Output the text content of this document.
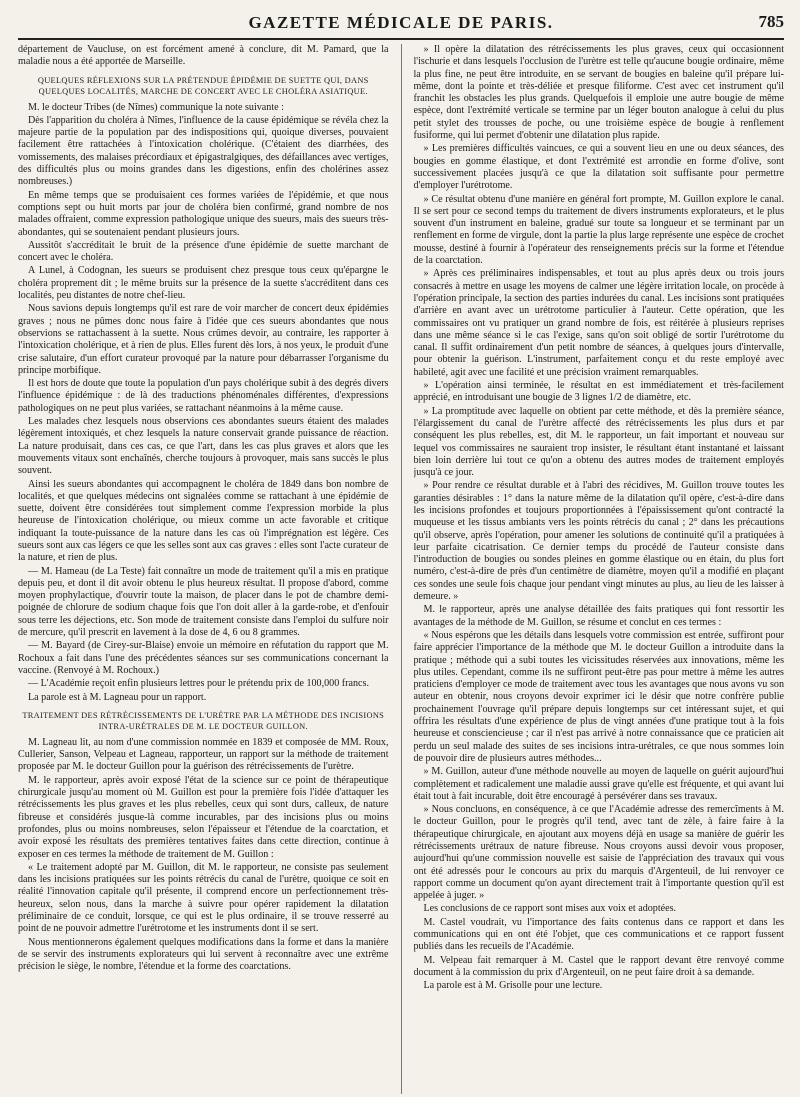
GAZETTE MÉDICALE DE PARIS.	785

département de Vaucluse, on est forcément amené à conclure, dit M. Pamard, que la maladie nous a été apportée de Marseille.

QUELQUES RÉFLEXIONS SUR LA PRÉTENDUE ÉPIDÉMIE DE SUETTE QUI, DANS QUELQUES LOCALITÉS, MARCHE DE CONCERT AVEC LE CHOLÉRA ASIATIQUE.

M. le docteur Tribes (de Nîmes) communique la note suivante :

Dès l'apparition du choléra à Nîmes, l'influence de la cause épidémique se révéla chez la majeure partie de la population par des indispositions qui, quoique diverses, pouvaient facilement être rattachées à l'intoxication cholérique. (C'étaient des diarrhées, des vomissements, des malaises précordiaux et épigastralgiques, des défaillances avec vertiges, des difficultés plus ou moins grandes dans les digestions, enfin des cholérines assez nombreuses.)

En même temps que se produisaient ces formes variées de l'épidémie, et que nous comptions sept ou huit morts par jour de choléra bien confirmé, grand nombre de nos malades offraient, comme expression pathologique unique des sueurs, mais des sueurs très-abondantes, qui se soutenaient pendant plusieurs jours.

Aussitôt s'accréditait le bruit de la présence d'une épidémie de suette marchant de concert avec le choléra.

A Lunel, à Codognan, les sueurs se produisent chez presque tous ceux qu'épargne le choléra proprement dit ; le même bruits sur la présence de la suette s'accréditent dans ces localités, peu distantes de notre chef-lieu.

Nous savions depuis longtemps qu'il est rare de voir marcher de concert deux épidémies graves ; nous ne pûmes donc nous faire à l'idée que ces sueurs abondantes que nous observions se rattachassent à la suette. Nous crûmes devoir, au contraire, les rapporter à l'intoxication cholérique, et à rien de plus. Elles furent dès lors, à nos yeux, le produit d'une crise salutaire, d'un effort curateur provoqué par la nature pour débarrasser l'organisme du principe morbifique.

Il est hors de doute que toute la population d'un pays cholérique subit à des degrés divers l'influence épidémique : de là des traductions phénoménales différentes, d'expressions pathologiques on ne peut plus variées, se rattachant néanmoins à la même cause.

Les malades chez lesquels nous observions ces abondantes sueurs étaient des malades légèrement intoxiqués, et chez lesquels la nature conservait grande puissance de réaction. La nature produisait, dans ces cas, ce que l'art, dans les cas plus graves et alors que les mouvements vitaux sont enchaînés, cherche toujours à provoquer, mais sans succès le plus souvent.

Ainsi les sueurs abondantes qui accompagnent le choléra de 1849 dans bon nombre de localités, et que quelques médecins ont signalées comme se rattachant à une épidémie de suette, doivent être considérées tout simplement comme l'expression morbide la plus heureuse de l'intoxication cholérique, ou mieux comme un acte favorable et critique indiquant la toute-puissance de la nature dans les cas où l'imprégnation est légère. Ces sueurs sont aux cas légers ce que les selles sont aux cas graves : elles sont l'acte curateur de la nature, et rien de plus.

— M. Hameau (de La Teste) fait connaître un mode de traitement qu'il a mis en pratique depuis peu, et dont il dit avoir obtenu le plus heureux résultat. Il propose d'abord, comme moyen prophylactique, d'ouvrir toute la maison, de placer dans le pot de chambre demi-poignée de chlorure de sodium chaque fois que l'on doit aller à la garde-robe, et d'enfouir sous terre les déjections, etc. Son mode de traitement consiste dans l'emploi du sulfure noir de mercure, qu'il prescrit en lavement à la dose de 4, 6 ou 8 grammes.

— M. Bayard (de Cirey-sur-Blaise) envoie un mémoire en réfutation du rapport que M. Rochoux a fait dans l'une des précédentes séances sur ses communications concernant la vaccine. (Renvoyé à M. Rochoux.)

— L'Académie reçoit enfin plusieurs lettres pour le prétendu prix de 100,000 francs.

La parole est à M. Lagneau pour un rapport.

TRAITEMENT DES RÉTRÉCISSEMENTS DE L'URÈTRE PAR LA MÉTHODE DES INCISIONS INTRA-URÉTRALES DE M. LE DOCTEUR GUILLON.

M. Lagneau lit, au nom d'une commission nommée en 1839 et composée de MM. Roux, Cullerier, Sanson, Velpeau et Lagneau, rapporteur, un rapport sur la méthode de traitement proposée par M. le docteur Guillon pour la guérison des rétrécissements de l'urètre.

M. le rapporteur, après avoir exposé l'état de la science sur ce point de thérapeutique chirurgicale jusqu'au moment où M. Guillon est pour la première fois l'idée d'attaquer les rétrécissements les plus graves et les plus rebelles, ceux qui sont durs, calleux, de nature fibreuse et considérés jusque-là comme incurables, par des incisions plus ou moins profondes, plus ou moins nombreuses, selon l'épaisseur et l'étendue de la coarctation, et avoir exposé les résultats des premières tentatives faites dans cette direction, continue à exposer en ces termes la méthode de traitement de M. Guillon :

« Le traitement adopté par M. Guillon, dit M. le rapporteur, ne consiste pas seulement dans les incisions pratiquées sur les points rétrécis du canal de l'urètre, quoique ce soit en réalité l'innovation capitale qu'il présente, il comprend encore un perfectionnement très-heureux, selon nous, dans la marche à suivre pour opérer rapidement la dilatation préliminaire de ce conduit, lorsque, ce qui est le plus ordinaire, il se trouve resserré au point de ne pouvoir admettre l'urétrotome et les instruments dont il se sert.

Nous mentionnerons également quelques modifications dans la forme et dans la manière de se servir des instruments explorateurs qui lui servent à reconnaître avec une extrême précision le siège, le nombre, l'étendue et la forme des coarctations.

» Il opère la dilatation des rétrécissements les plus graves, ceux qui occasionnent l'ischurie et dans lesquels l'occlusion de l'urètre est telle qu'aucune bougie ordinaire, même la plus fine, ne peut être introduite, en se servant de bougies en baleine qu'il prépare lui-même, dont la pointe et très-déliée et presque filiforme. C'est avec cet instrument qu'il franchit les obstacles les plus grands. Quelquefois il emploie une autre bougie de même espèce, dont l'extrémité verticale se termine par un léger bouton analogue à celui du plus petit stylet des trousses de poche, ou une troisième espèce de bougie à renflement fusiforme, qui lui permet d'obtenir une dilatation plus rapide.

» Les premières difficultés vaincues, ce qui a souvent lieu en une ou deux séances, des bougies en gomme élastique, et dont l'extrémité est arrondie en forme d'olive, sont successivement placées jusqu'à ce que la dilatation soit suffisante pour permettre d'employer l'urétrotome.

» Ce résultat obtenu d'une manière en général fort prompte, M. Guillon explore le canal. Il se sert pour ce second temps du traitement de divers instruments explorateurs, et le plus souvent d'un instrument en baleine, gradué sur toute sa longueur et se terminant par un renflement en forme de virgule, dont la partie la plus large représente une espèce de crochet mousse, destiné à fournir à l'opérateur des renseignements précis sur la forme et l'étendue de la coarctation.

» Après ces préliminaires indispensables, et tout au plus après deux ou trois jours consacrés à mettre en usage les moyens de calmer une légère irritation locale, on procède à l'opération principale, la section des parties indurées du canal. Les incisions sont pratiquées d'arrière en avant avec un urétrotome particulier à l'auteur. Cette opération, que les commissaires ont vu pratiquer un grand nombre de fois, est réitérée à plusieurs reprises dans une même séance si le cas l'exige, sans qu'on soit obligé de sortir l'urétrotome du canal. Il suffit ordinairement d'un petit nombre de séances, à quelques jours d'intervalle, pour obtenir la guérison. L'instrument, parfaitement conçu et du reste employé avec habileté, agit avec une facilité et une précision vraiment remarquables.

» L'opération ainsi terminée, le résultat en est immédiatement et très-facilement apprécié, en introduisant une bougie de 3 lignes 1/2 de diamètre, etc.

» La promptitude avec laquelle on obtient par cette méthode, et dès la première séance, l'élargissement du canal de l'urètre affecté des rétrécissements les plus durs et par conséquent les plus rebelles, est, dit M. le rapporteur, un fait important et nouveau sur lequel vos commissaires ne sauraient trop insister, le résultant étant instantané et laissant bien loin derrière lui tout ce qu'on a obtenu des autres modes de traitement employés jusqu'à ce jour.

» Pour rendre ce résultat durable et à l'abri des récidives, M. Guillon trouve toutes les garanties désirables : 1° dans la nature même de la dilatation qu'il opère, c'est-à-dire dans les incisions profondes et toujours proportionnées à l'épaississement qu'ont contracté la muqueuse et les tissus ambiants vers les points rétrécis du canal ; 2° dans les précautions qu'il observe, après l'opération, pour amener les solutions de continuité qu'il a pratiquées à leur parfaite cicatrisation. Ce dernier temps du procédé de l'auteur consiste dans l'introduction de bougies ou sondes pleines en gomme élastique ou en étain, du plus fort numéro, c'est-à-dire de près d'un centimètre de diamètre, moyen qu'il a modifié en plaçant ces sondes une seule fois chaque jour pendant vingt minutes au plus, au lieu de les laisser à demeure. »

M. le rapporteur, après une analyse détaillée des faits pratiques qui font ressortir les avantages de la méthode de M. Guillon, se résume et conclut en ces termes :

« Nous espérons que les détails dans lesquels votre commission est entrée, suffiront pour faire apprécier l'importance de la méthode que M. le docteur Guillon a introduite dans la pratique ; méthode qui a subi toutes les vicissitudes réservées aux innovations, même les plus utiles. Cependant, comme ils ne suffiront peut-être pas pour mettre à même les autres praticiens d'employer ce mode de traitement avec tous les avantages que nous avons vu son auteur en obtenir, nous croyons devoir exprimer ici le désir que notre confrère publie prochainement l'ouvrage qu'il prépare depuis longtemps sur cet intéressant sujet, et qui offrira les résultats d'une expérience de plus de vingt années d'une pratique tout à la fois heureuse et consciencieuse ; car il n'est pas arrivé à notre connaissance que ce praticien ait perdu un seul malade des suites de ses incisions intra-urétrales, ce que nous sommes loin de pouvoir dire de plusieurs autres méthodes...

» M. Guillon, auteur d'une méthode nouvelle au moyen de laquelle on guérit aujourd'hui complètement et radicalement une maladie aussi grave qu'elle est fréquente, et qui avant lui était tout à fait incurable, doit être encouragé à persévérer dans ses travaux.

» Nous concluons, en conséquence, à ce que l'Académie adresse des remercîments à M. le docteur Guillon, pour le progrès qu'il tend, avec tant de zèle, à faire faire à la thérapeutique chirurgicale, en ajoutant aux moyens déjà en usage sa manière de guérir les rétrécissements urétraux de nature fibreuse. Nous croyons aussi devoir vous proposer, aujourd'hui qu'une commission nouvelle est saisie de l'appréciation des travaux qui vous ont été adressés pour le concours au prix du marquis d'Argenteuil, de lui renvoyer ce rapport comme un document qu'on ayant directement trait à l'importante question qu'il est appelée à juger. »

Les conclusions de ce rapport sont mises aux voix et adoptées.

M. Castel voudrait, vu l'importance des faits contenus dans ce rapport et dans les communications qui en ont été l'objet, que ces communications et ce rapport fussent publiés dans les recueils de l'Académie.

M. Velpeau fait remarquer à M. Castel que le rapport devant être renvoyé comme document à la commission du prix d'Argenteuil, on ne peut faire droit à sa demande.

La parole est à M. Grisolle pour une lecture.
